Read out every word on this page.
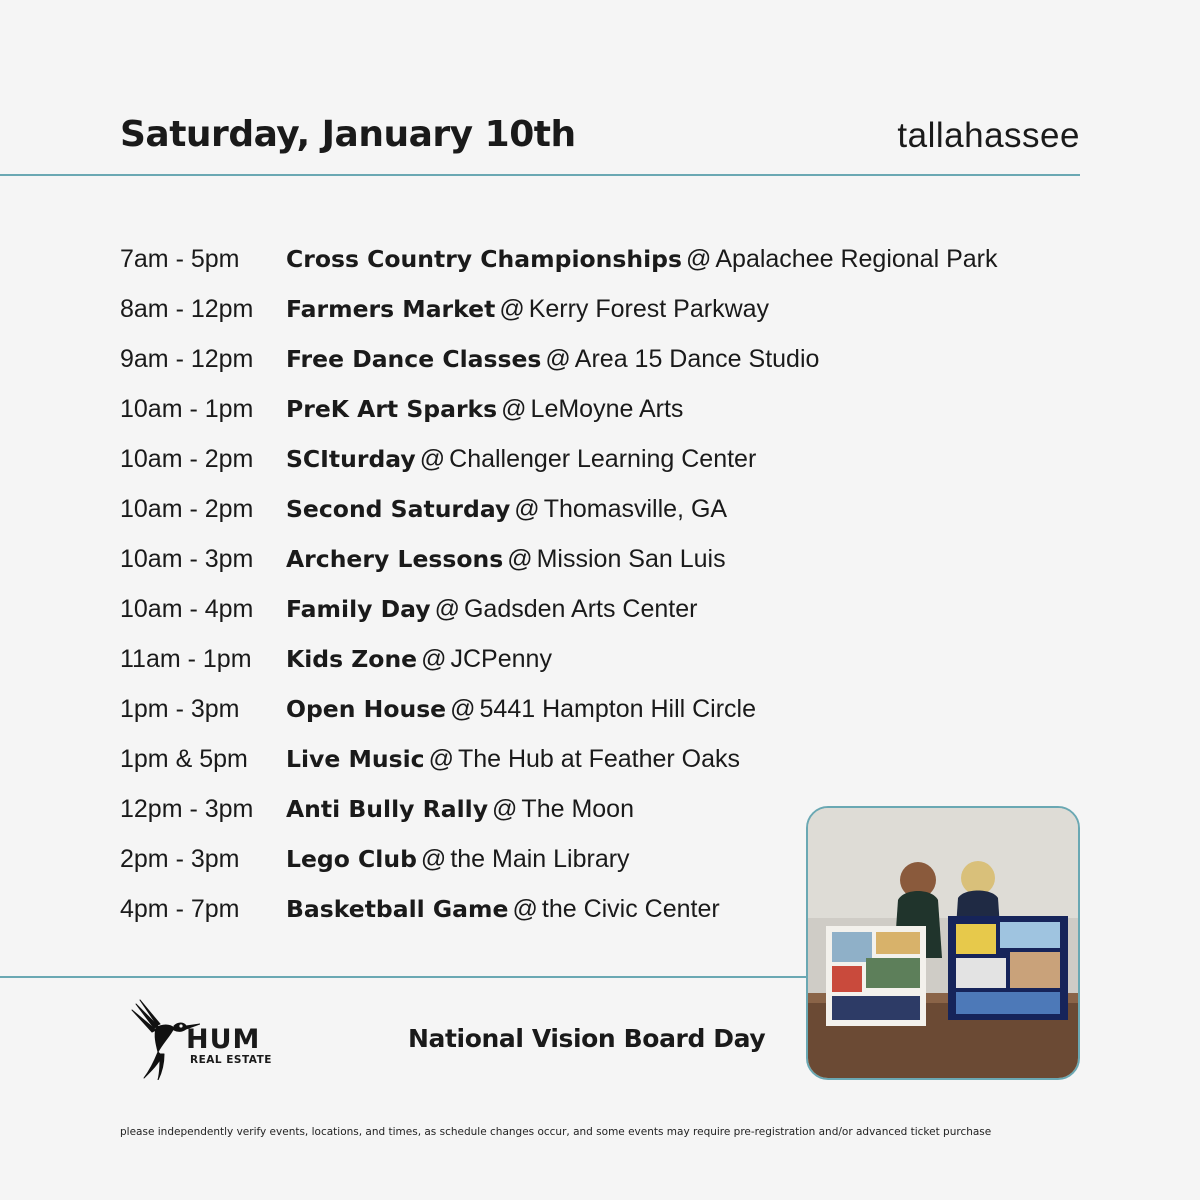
Saturday, January 10th	tallahassee
7am - 5pm Cross Country Championships @ Apalachee Regional Park
8am - 12pm Farmers Market @ Kerry Forest Parkway
9am - 12pm Free Dance Classes @ Area 15 Dance Studio
10am - 1pm PreK Art Sparks @ LeMoyne Arts
10am - 2pm SCIturday @ Challenger Learning Center
10am - 2pm Second Saturday @ Thomasville, GA
10am - 3pm Archery Lessons @ Mission San Luis
10am - 4pm Family Day @ Gadsden Arts Center
11am - 1pm Kids Zone @ JCPenny
1pm - 3pm Open House @ 5441 Hampton Hill Circle
1pm & 5pm Live Music @ The Hub at Feather Oaks
12pm - 3pm Anti Bully Rally @ The Moon
2pm - 3pm Lego Club @ the Main Library
4pm - 7pm Basketball Game @ the Civic Center
HUM
REAL ESTATE
National Vision Board Day
please independently verify events, locations, and times, as schedule changes occur, and some events may require pre-registration and/or advanced ticket purchase
